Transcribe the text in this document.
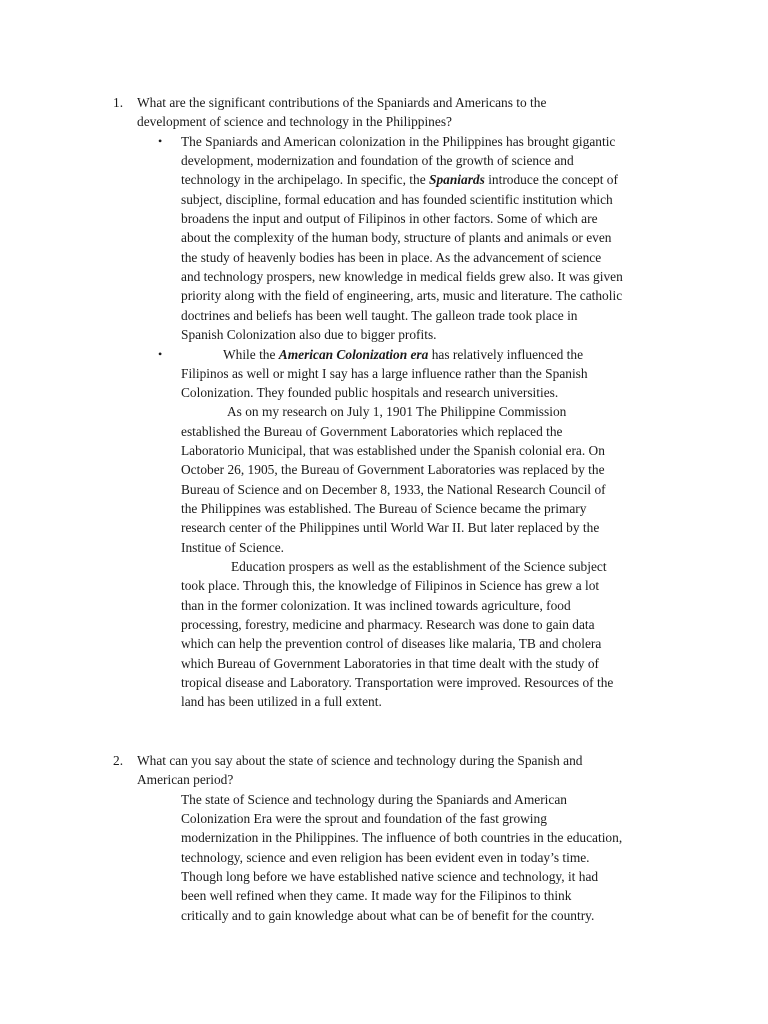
1. What are the significant contributions of the Spaniards and Americans to the
development of science and technology in the Philippines?
• The Spaniards and American colonization in the Philippines has brought gigantic
development, modernization and foundation of the growth of science and
technology in the archipelago. In specific, the Spaniards introduce the concept of
subject, discipline, formal education and has founded scientific institution which
broadens the input and output of Filipinos in other factors. Some of which are
about the complexity of the human body, structure of plants and animals or even
the study of heavenly bodies has been in place. As the advancement of science
and technology prospers, new knowledge in medical fields grew also. It was given
priority along with the field of engineering, arts, music and literature. The catholic
doctrines and beliefs has been well taught. The galleon trade took place in
Spanish Colonization also due to bigger profits.
•	While the American Colonization era has relatively influenced the
Filipinos as well or might I say has a large influence rather than the Spanish
Colonization. They founded public hospitals and research universities.
As on my research on July 1, 1901 The Philippine Commission
established the Bureau of Government Laboratories which replaced the
Laboratorio Municipal, that was established under the Spanish colonial era. On
October 26, 1905, the Bureau of Government Laboratories was replaced by the
Bureau of Science and on December 8, 1933, the National Research Council of
the Philippines was established. The Bureau of Science became the primary
research center of the Philippines until World War II. But later replaced by the
Institue of Science.
Education prospers as well as the establishment of the Science subject
took place. Through this, the knowledge of Filipinos in Science has grew a lot
than in the former colonization. It was inclined towards agriculture, food
processing, forestry, medicine and pharmacy. Research was done to gain data
which can help the prevention control of diseases like malaria, TB and cholera
which Bureau of Government Laboratories in that time dealt with the study of
tropical disease and Laboratory. Transportation were improved. Resources of the
land has been utilized in a full extent.
2. What can you say about the state of science and technology during the Spanish and
American period?
The state of Science and technology during the Spaniards and American
Colonization Era were the sprout and foundation of the fast growing
modernization in the Philippines. The influence of both countries in the education,
technology, science and even religion has been evident even in today’s time.
Though long before we have established native science and technology, it had
been well refined when they came. It made way for the Filipinos to think
critically and to gain knowledge about what can be of benefit for the country.
